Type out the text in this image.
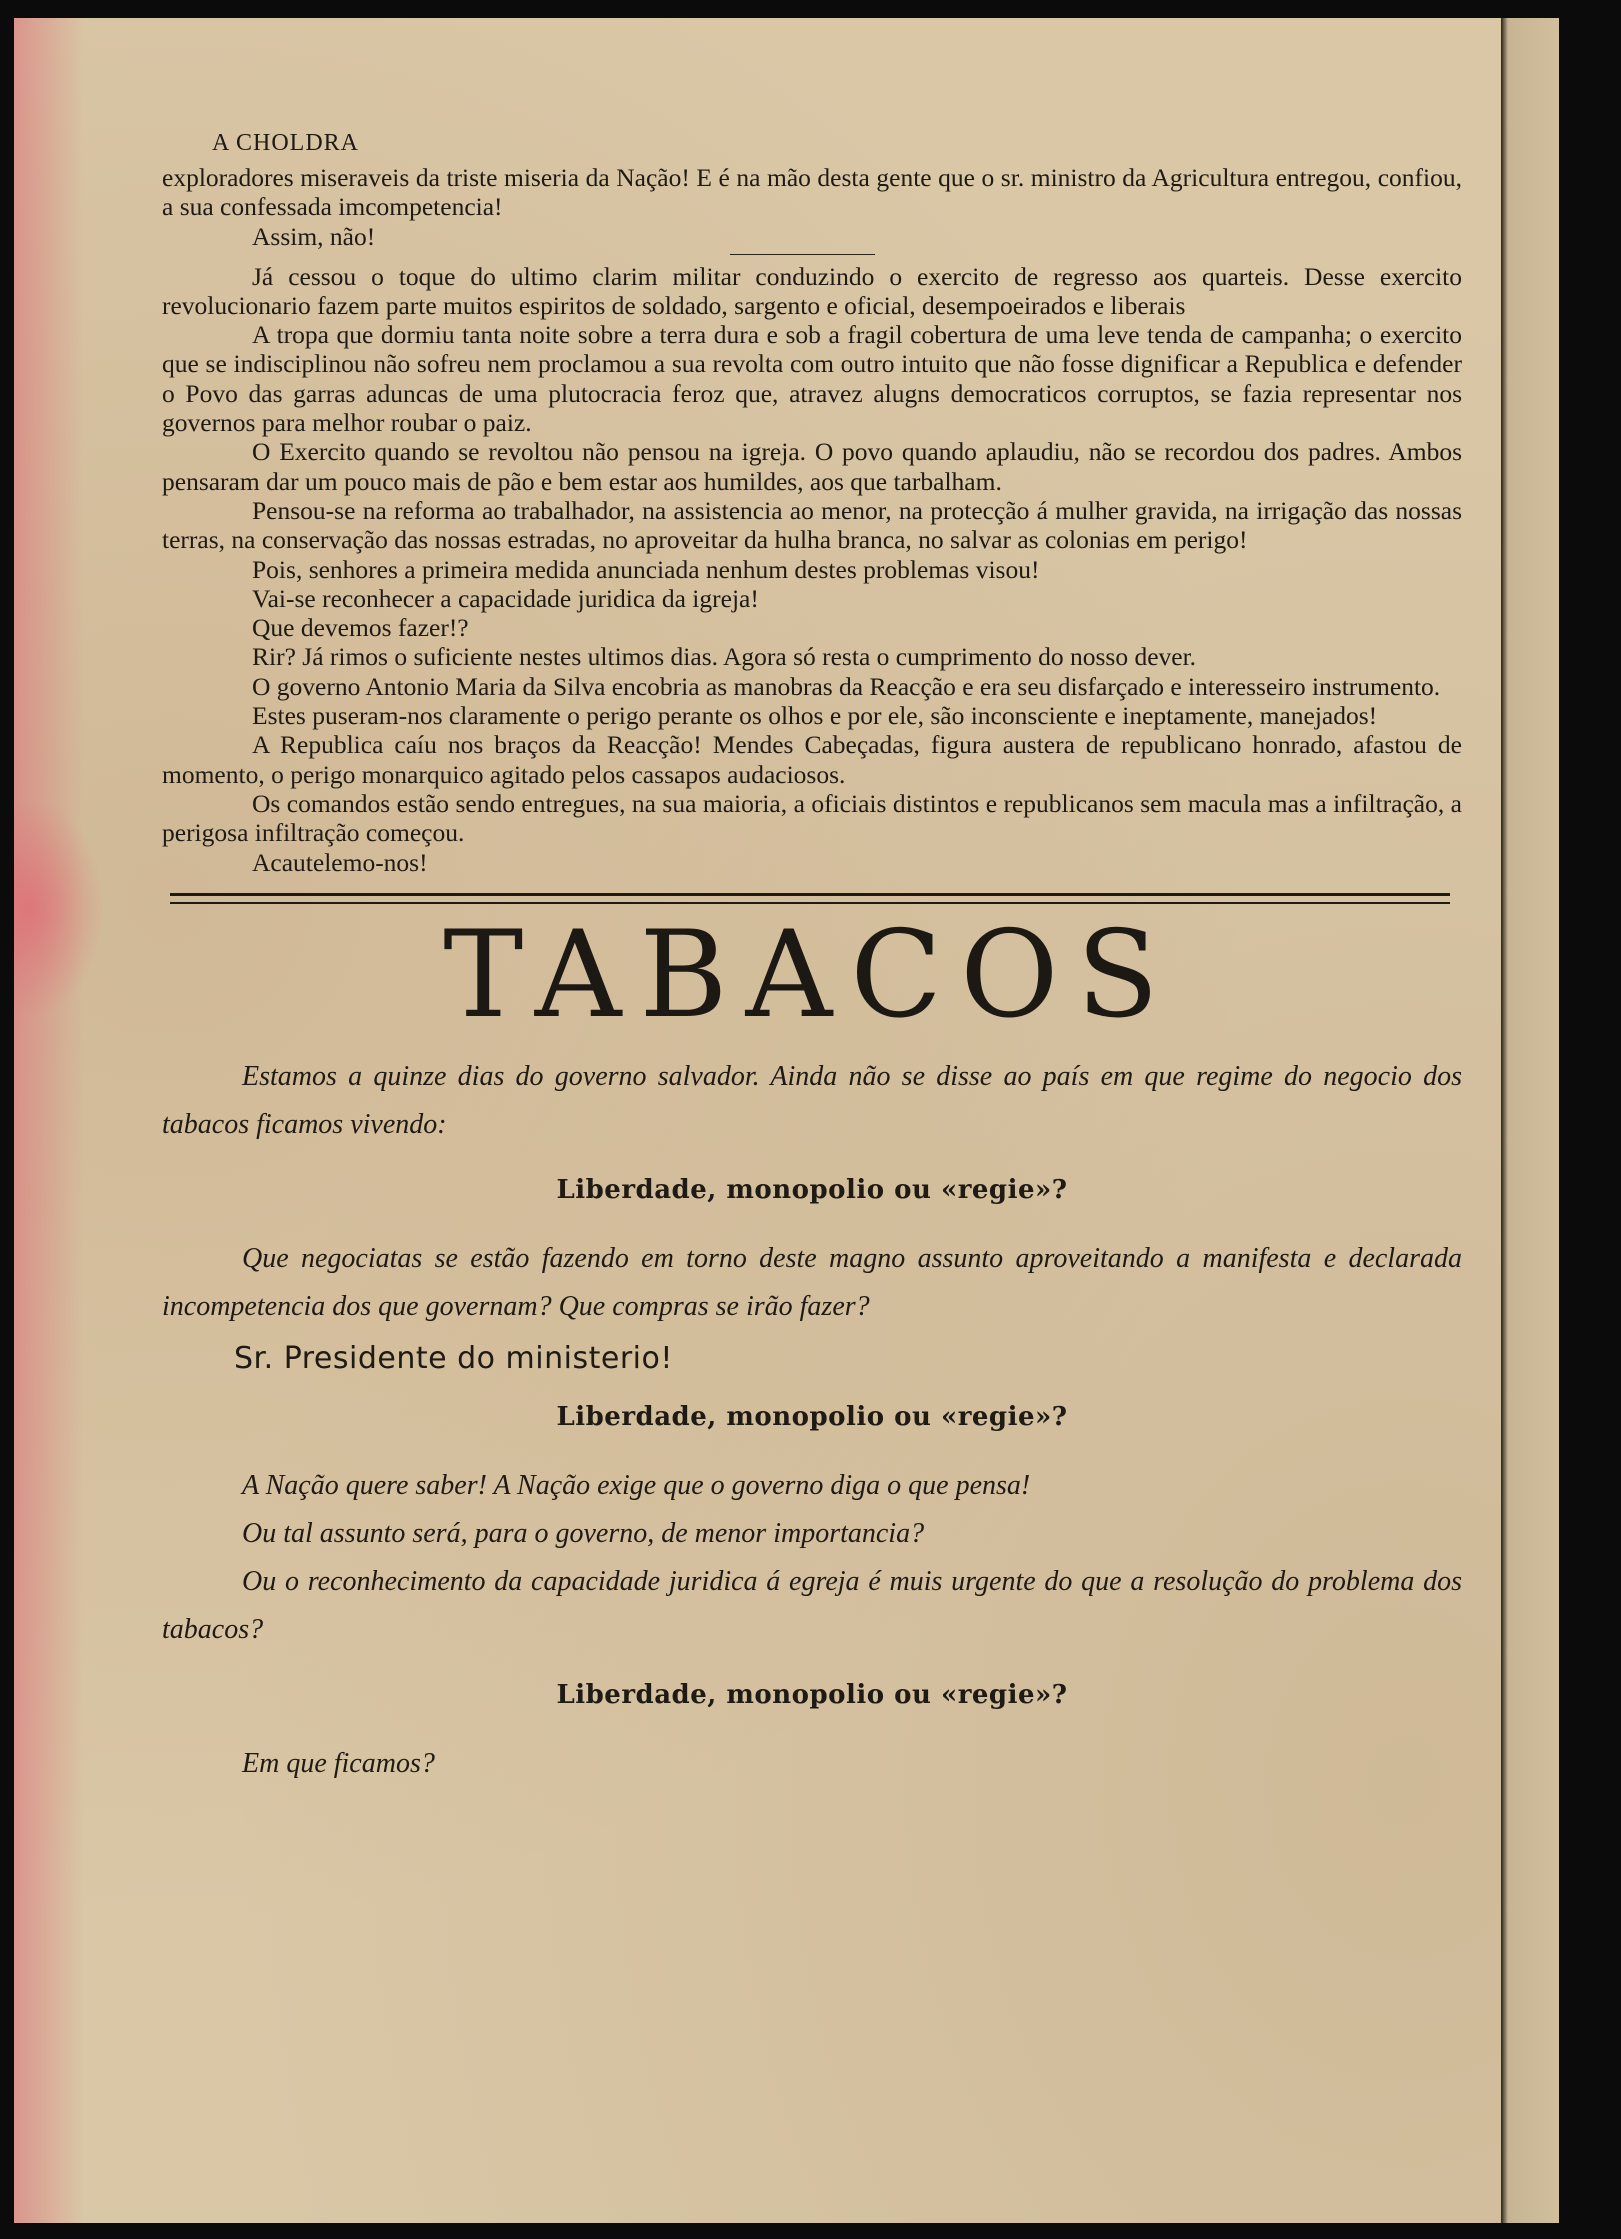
A CHOLDRA

exploradores miseraveis da triste miseria da Nação! E é na mão desta gente que o sr. ministro da Agricultura entregou, confiou, a sua confessada imcompetencia!

Assim, não!

Já cessou o toque do ultimo clarim militar conduzindo o exercito de regresso aos quarteis. Desse exercito revolucionario fazem parte muitos espiritos de soldado, sargento e oficial, desempoeirados e liberais

A tropa que dormiu tanta noite sobre a terra dura e sob a fragil cobertura de uma leve tenda de campanha; o exercito que se indisciplinou não sofreu nem proclamou a sua revolta com outro intuito que não fosse dignificar a Republica e defender o Povo das garras aduncas de uma plutocracia feroz que, atravez alugns democraticos corruptos, se fazia representar nos governos para melhor roubar o paiz.

O Exercito quando se revoltou não pensou na igreja. O povo quando aplaudiu, não se recordou dos padres. Ambos pensaram dar um pouco mais de pão e bem estar aos humildes, aos que tarbalham.

Pensou-se na reforma ao trabalhador, na assistencia ao menor, na protecção á mulher gravida, na irrigação das nossas terras, na conservação das nossas estradas, no aproveitar da hulha branca, no salvar as colonias em perigo!

Pois, senhores a primeira medida anunciada nenhum destes problemas visou!

Vai-se reconhecer a capacidade juridica da igreja!

Que devemos fazer!?

Rir? Já rimos o suficiente nestes ultimos dias. Agora só resta o cumprimento do nosso dever.

O governo Antonio Maria da Silva encobria as manobras da Reacção e era seu disfarçado e interesseiro instrumento.

Estes puseram-nos claramente o perigo perante os olhos e por ele, são inconsciente e ineptamente, manejados!

A Republica caíu nos braços da Reacção! Mendes Cabeçadas, figura austera de republicano honrado, afastou de momento, o perigo monarquico agitado pelos cassapos audaciosos.

Os comandos estão sendo entregues, na sua maioria, a oficiais distintos e republicanos sem macula mas a infiltração, a perigosa infiltração começou.

Acautelemo-nos!

TABACOS

Estamos a quinze dias do governo salvador. Ainda não se disse ao país em que regime do negocio dos tabacos ficamos vivendo:

Liberdade, monopolio ou «regie»?

Que negociatas se estão fazendo em torno deste magno assunto aproveitando a manifesta e declarada incompetencia dos que governam? Que compras se irão fazer?

Sr. Presidente do ministerio!
Liberdade, monopolio ou «regie»?

A Nação quere saber! A Nação exige que o governo diga o que pensa!

Ou tal assunto será, para o governo, de menor importancia?

Ou o reconhecimento da capacidade juridica á egreja é muis urgente do que a resolução do problema dos tabacos?

Liberdade, monopolio ou «regie»?

Em que ficamos?
